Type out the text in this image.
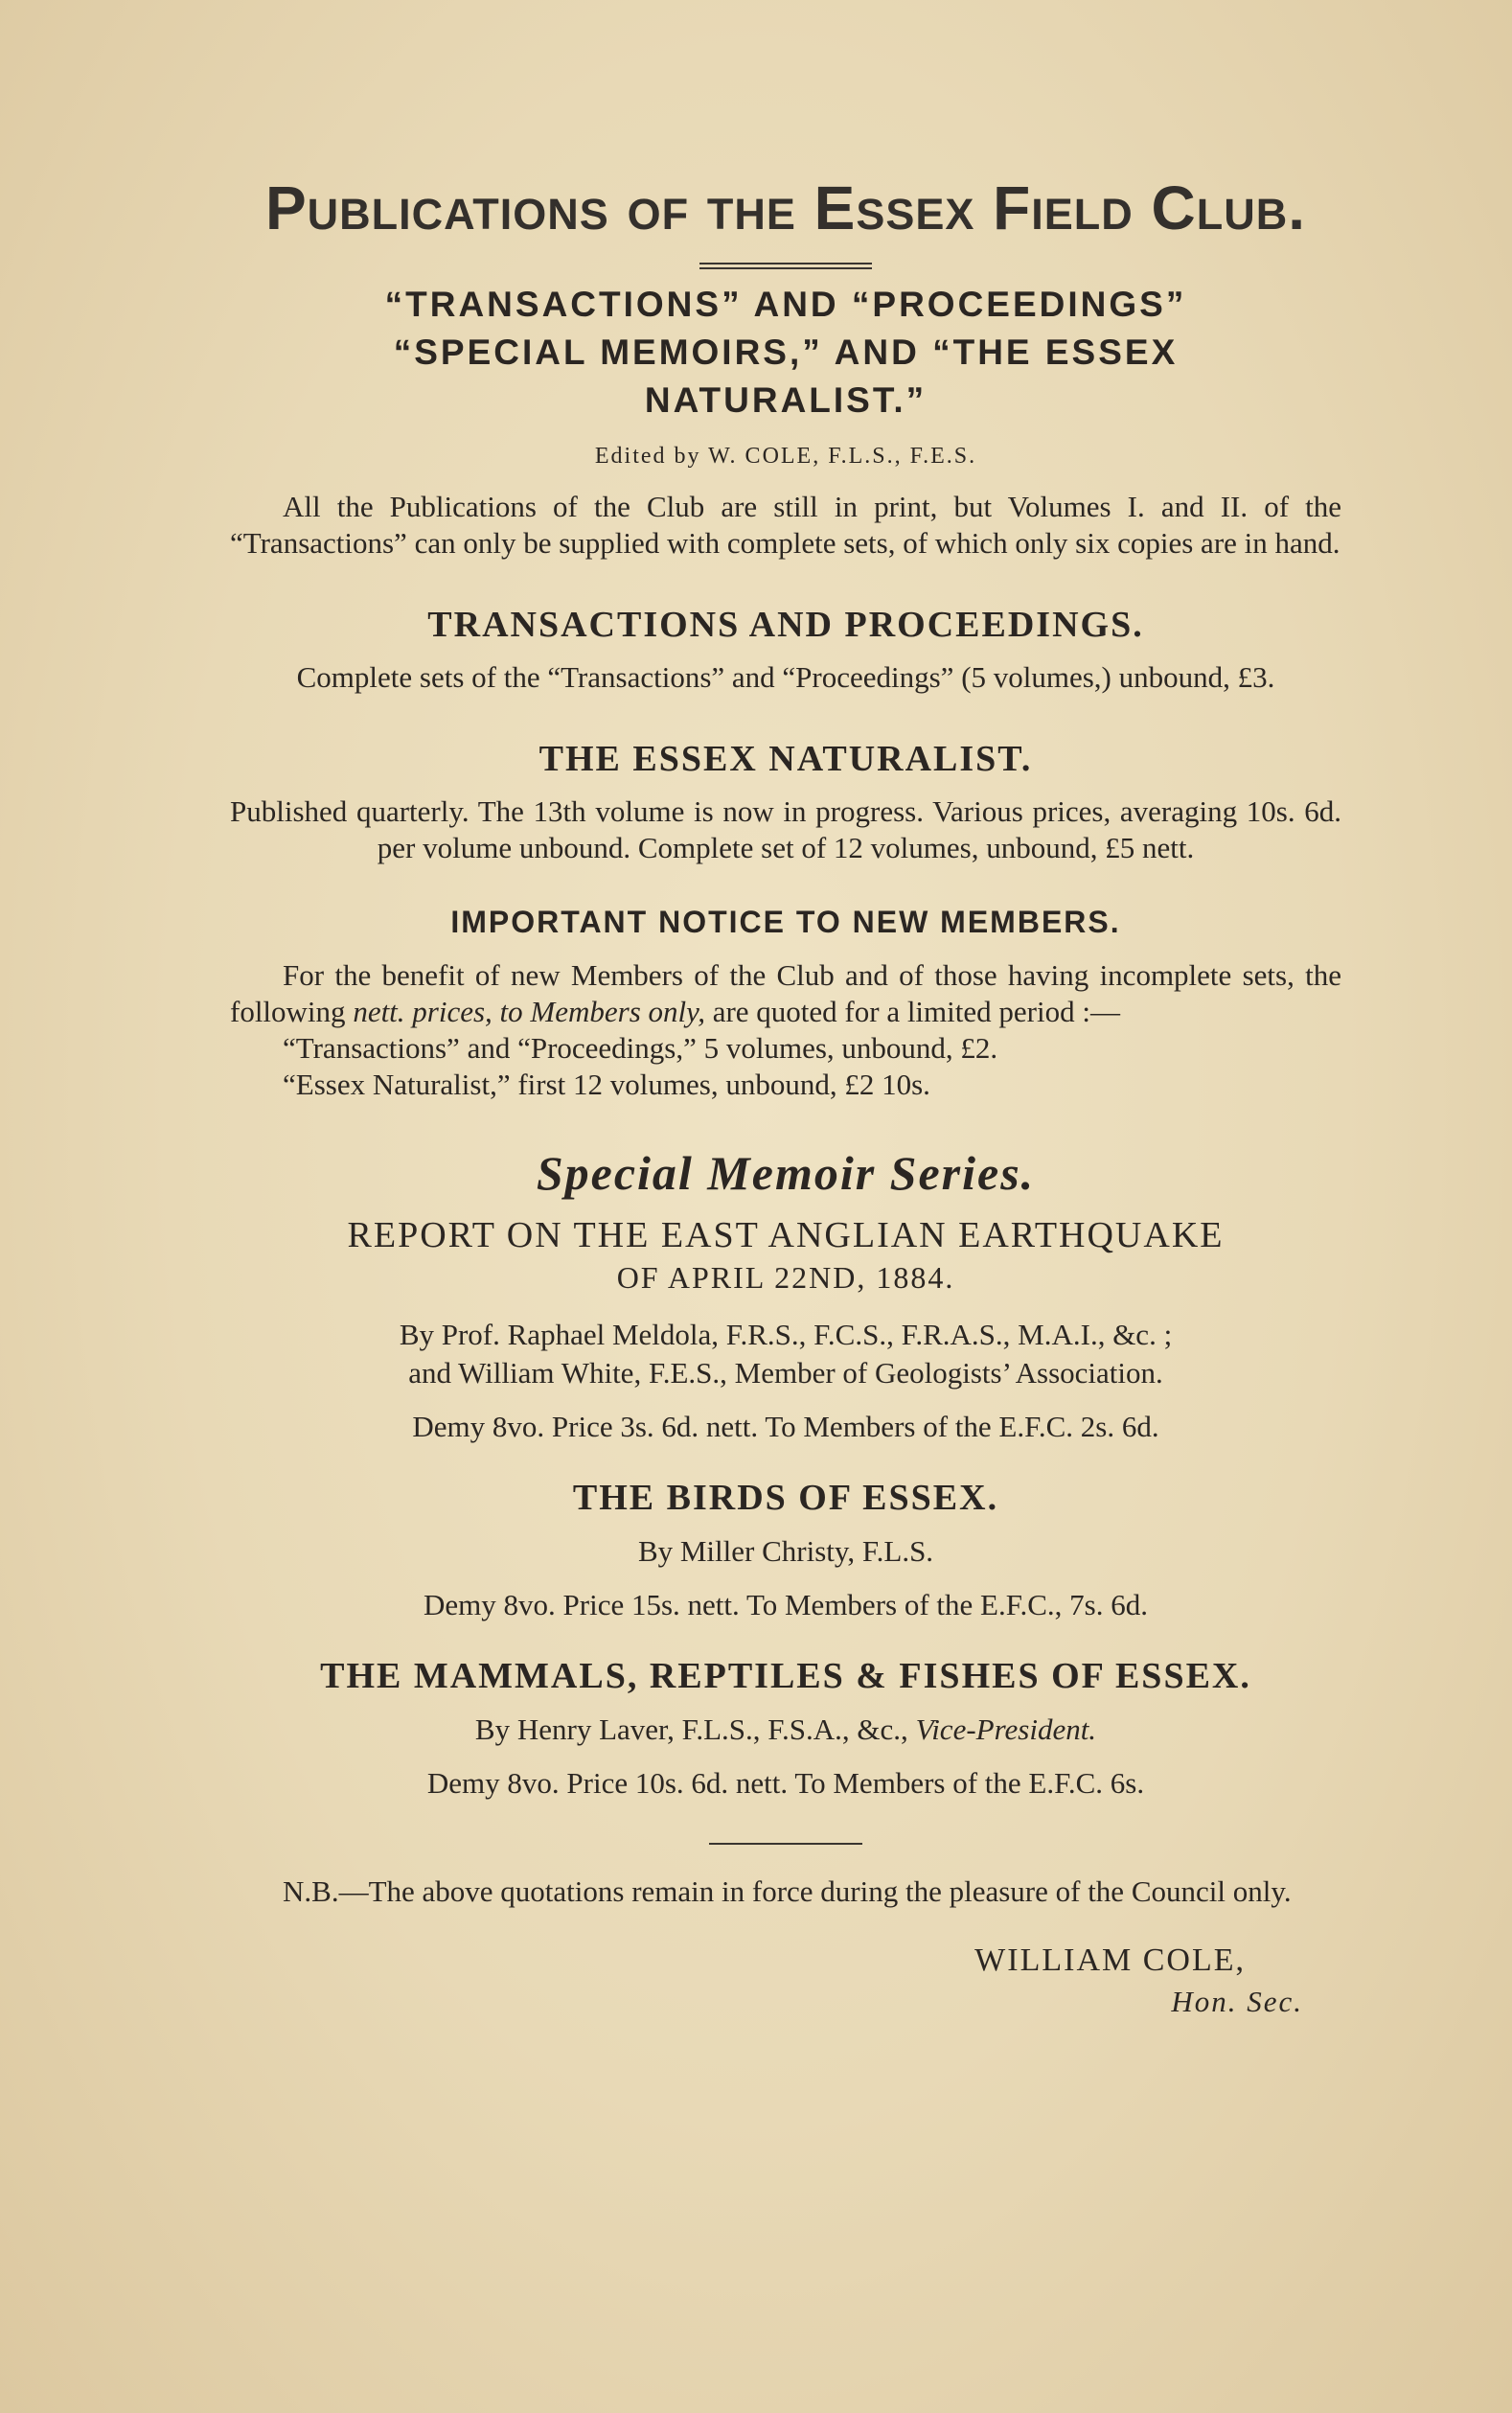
Publications of the Essex Field Club.

“TRANSACTIONS” AND “PROCEEDINGS”

“SPECIAL MEMOIRS,” AND “THE ESSEX

NATURALIST.”

Edited by W. COLE, F.L.S., F.E.S.

All the Publications of the Club are still in print, but Volumes I. and II. of the “Transactions” can only be supplied with complete sets, of which only six copies are in hand.

TRANSACTIONS AND PROCEEDINGS.

Complete sets of the “Transactions” and “Proceedings” (5 volumes,) unbound, £3.

THE ESSEX NATURALIST.

Published quarterly. The 13th volume is now in progress. Various prices, averaging 10s. 6d. per volume unbound. Complete set of 12 volumes, unbound, £5 nett.

IMPORTANT NOTICE TO NEW MEMBERS.

For the benefit of new Members of the Club and of those having incomplete sets, the following nett. prices, to Members only, are quoted for a limited period :—

“Transactions” and “Proceedings,” 5 volumes, unbound, £2.

“Essex Naturalist,” first 12 volumes, unbound, £2 10s.

Special Memoir Series.

REPORT ON THE EAST ANGLIAN EARTHQUAKE

OF APRIL 22ND, 1884.

By Prof. Raphael Meldola, F.R.S., F.C.S., F.R.A.S., M.A.I., &c. ;

and William White, F.E.S., Member of Geologists’ Association.

Demy 8vo. Price 3s. 6d. nett. To Members of the E.F.C. 2s. 6d.

THE BIRDS OF ESSEX.

By Miller Christy, F.L.S.

Demy 8vo. Price 15s. nett. To Members of the E.F.C., 7s. 6d.

THE MAMMALS, REPTILES & FISHES OF ESSEX.

By Henry Laver, F.L.S., F.S.A., &c., Vice-President.

Demy 8vo. Price 10s. 6d. nett. To Members of the E.F.C. 6s.

N.B.—The above quotations remain in force during the pleasure of the Council only.

WILLIAM COLE,

Hon. Sec.
